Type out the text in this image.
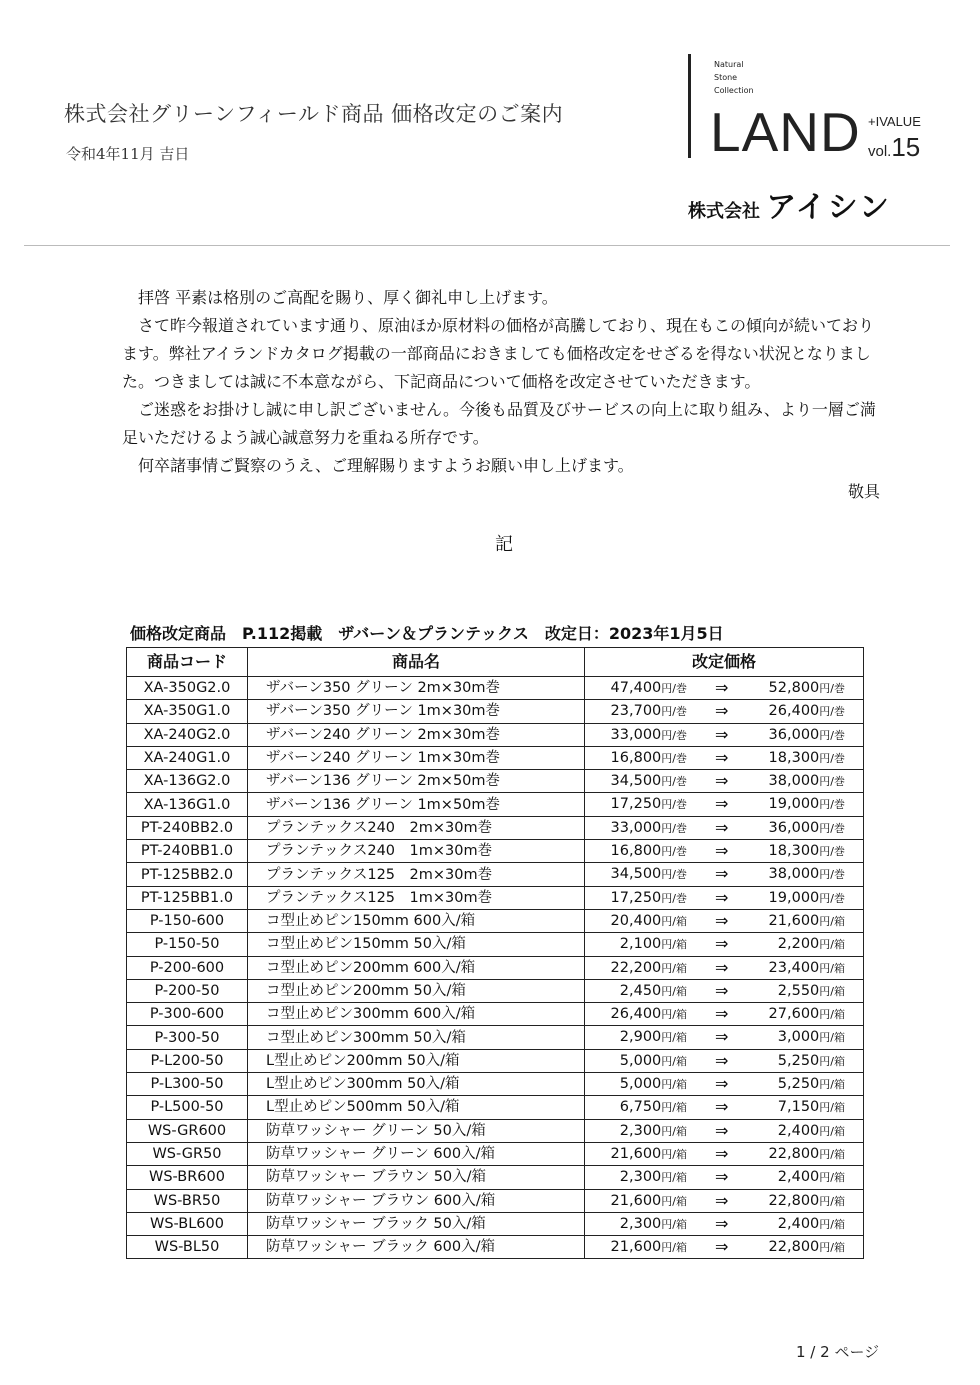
株式会社グリーンフィールド商品 価格改定のご案内
令和4年11月 吉日
Natural
Stone
Collection
LAND +IVALUE
vol.15
株式会社 アイシン

拝啓 平素は格別のご高配を賜り、厚く御礼申し上げます。

さて昨今報道されています通り、原油ほか原材料の価格が高騰しており、現在もこの傾向が続いております。弊社アイランドカタログ掲載の一部商品におきましても価格改定をせざるを得ない状況となりました。つきましては誠に不本意ながら、下記商品について価格を改定させていただきます。

ご迷惑をお掛けし誠に申し訳ございません。今後も品質及びサービスの向上に取り組み、より一層ご満足いただけるよう誠心誠意努力を重ねる所存です。

何卒諸事情ご賢察のうえ、ご理解賜りますようお願い申し上げます。

敬具
記
価格改定商品　P.112掲載　ザバーン＆プランテックス　改定日：2023年1月5日
商品コード	商品名	改定価格
XA-350G2.0	ザバーン350 グリーン 2m×30m巻	47,400円/巻 ⇒ 52,800円/巻

XA-350G1.0	ザバーン350 グリーン 1m×30m巻	23,700円/巻 ⇒ 26,400円/巻

XA-240G2.0	ザバーン240 グリーン 2m×30m巻	33,000円/巻 ⇒ 36,000円/巻

XA-240G1.0	ザバーン240 グリーン 1m×30m巻	16,800円/巻 ⇒ 18,300円/巻

XA-136G2.0	ザバーン136 グリーン 2m×50m巻	34,500円/巻 ⇒ 38,000円/巻

XA-136G1.0	ザバーン136 グリーン 1m×50m巻	17,250円/巻 ⇒ 19,000円/巻

PT-240BB2.0	プランテックス240　2m×30m巻	33,000円/巻 ⇒ 36,000円/巻

PT-240BB1.0	プランテックス240　1m×30m巻	16,800円/巻 ⇒ 18,300円/巻

PT-125BB2.0	プランテックス125　2m×30m巻	34,500円/巻 ⇒ 38,000円/巻

PT-125BB1.0	プランテックス125　1m×30m巻	17,250円/巻 ⇒ 19,000円/巻

P-150-600	コ型止めピン150mm 600入/箱	20,400円/箱 ⇒ 21,600円/箱

P-150-50	コ型止めピン150mm 50入/箱	2,100円/箱 ⇒ 2,200円/箱

P-200-600	コ型止めピン200mm 600入/箱	22,200円/箱 ⇒ 23,400円/箱

P-200-50	コ型止めピン200mm 50入/箱	2,450円/箱 ⇒ 2,550円/箱

P-300-600	コ型止めピン300mm 600入/箱	26,400円/箱 ⇒ 27,600円/箱

P-300-50	コ型止めピン300mm 50入/箱	2,900円/箱 ⇒ 3,000円/箱

P-L200-50	L型止めピン200mm 50入/箱	5,000円/箱 ⇒ 5,250円/箱

P-L300-50	L型止めピン300mm 50入/箱	5,000円/箱 ⇒ 5,250円/箱

P-L500-50	L型止めピン500mm 50入/箱	6,750円/箱 ⇒ 7,150円/箱

WS-GR600	防草ワッシャー グリーン 50入/箱	2,300円/箱 ⇒ 2,400円/箱

WS-GR50	防草ワッシャー グリーン 600入/箱	21,600円/箱 ⇒ 22,800円/箱

WS-BR600	防草ワッシャー ブラウン 50入/箱	2,300円/箱 ⇒ 2,400円/箱

WS-BR50	防草ワッシャー ブラウン 600入/箱	21,600円/箱 ⇒ 22,800円/箱

WS-BL600	防草ワッシャー ブラック 50入/箱	2,300円/箱 ⇒ 2,400円/箱

WS-BL50	防草ワッシャー ブラック 600入/箱	21,600円/箱 ⇒ 22,800円/箱
1 / 2 ページ
